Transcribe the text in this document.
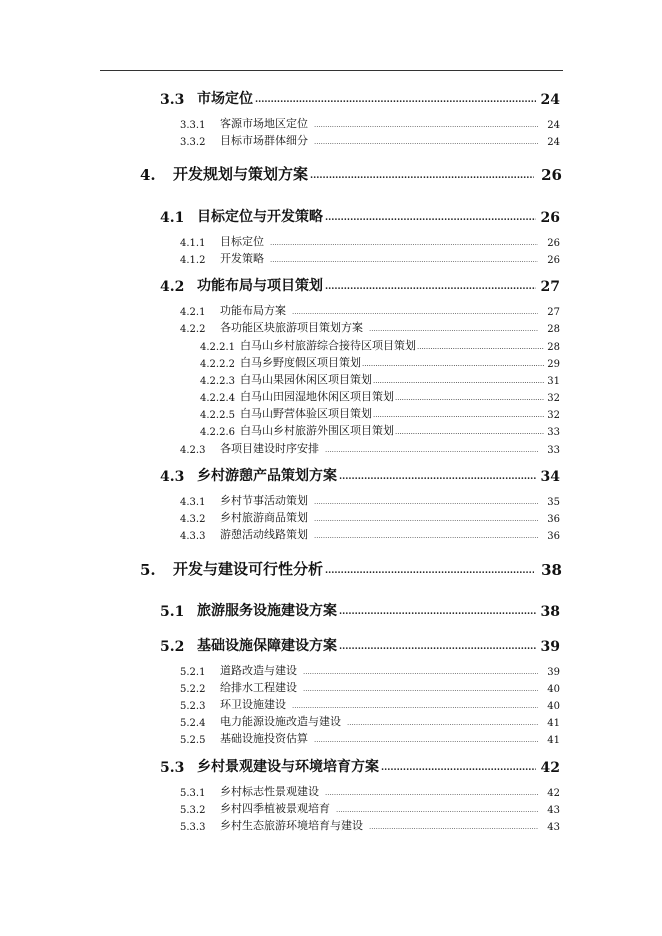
3.3 市场定位 .....	24
3.3.1	客源市场地区定位 .....	24
3.3.2	目标市场群体细分 .....	24
4.	开发规划与策划方案 .....	26
4.1 目标定位与开发策略 .....	26
4.1.1	目标定位 .....	26
4.1.2	开发策略 .....	26
4.2 功能布局与项目策划 .....	27
4.2.1	功能布局方案 .....	27
4.2.2	各功能区块旅游项目策划方案 .....	28
4.2.2.1 白马山乡村旅游综合接待区项目策划 .....	28
4.2.2.2 白马乡野度假区项目策划 .....	29
4.2.2.3 白马山果园休闲区项目策划 .....	31
4.2.2.4 白马山田园湿地休闲区项目策划 .....	32
4.2.2.5 白马山野营体验区项目策划 .....	32
4.2.2.6 白马山乡村旅游外围区项目策划 .....	33
4.2.3	各项目建设时序安排 .....	33
4.3 乡村游憩产品策划方案 .....	34
4.3.1	乡村节事活动策划 .....	35
4.3.2	乡村旅游商品策划 .....	36
4.3.3	游憩活动线路策划 .....	36
5.	开发与建设可行性分析 .....	38
5.1 旅游服务设施建设方案 .....	38
5.2 基础设施保障建设方案 .....	39
5.2.1	道路改造与建设 .....	39
5.2.2	给排水工程建设 .....	40
5.2.3	环卫设施建设 .....	40
5.2.4	电力能源设施改造与建设 .....	41
5.2.5	基础设施投资估算 .....	41
5.3 乡村景观建设与环境培育方案 .....	42
5.3.1	乡村标志性景观建设 .....	42
5.3.2	乡村四季植被景观培育 .....	43
5.3.3	乡村生态旅游环境培育与建设 .....	43
